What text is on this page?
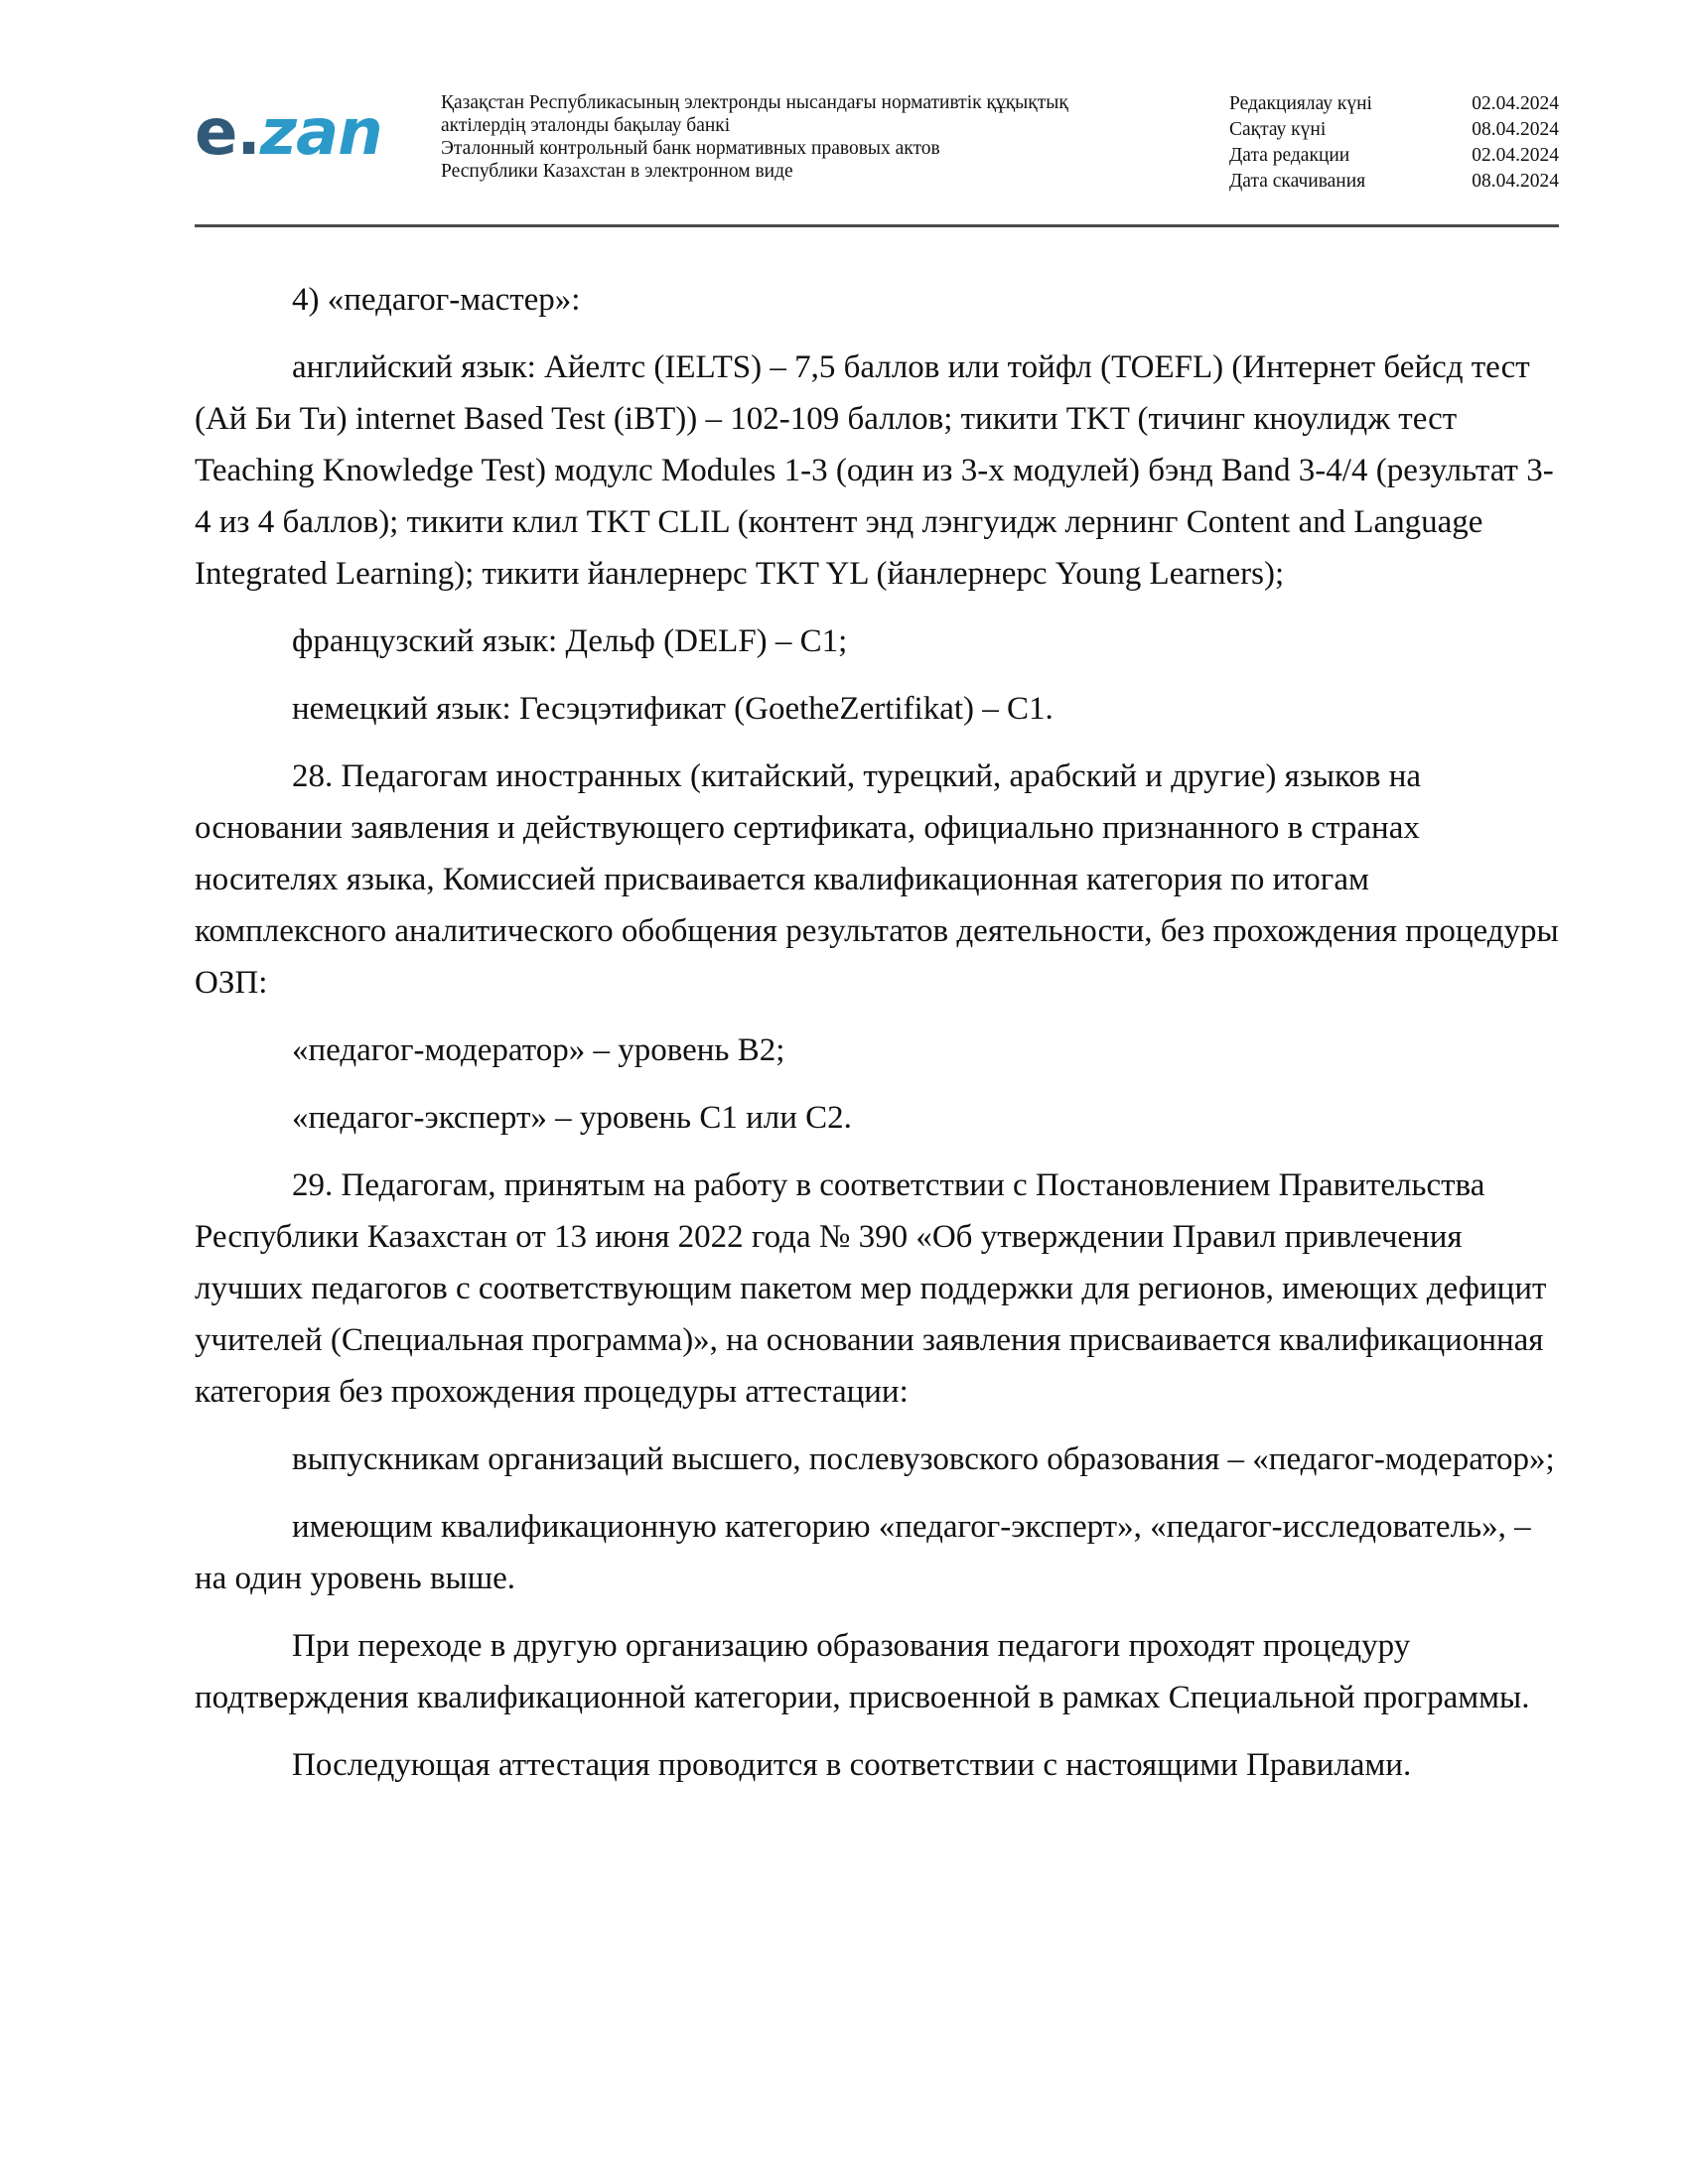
e.zan	Қазақстан Республикасының электронды нысандағы нормативтік құқықтық
актілердің эталонды бақылау банкі
Эталонный контрольный банк нормативных правовых актов
Республики Казахстан в электронном виде
Редакциялау күні	02.04.2024
Сақтау күні	08.04.2024
Дата редакции	02.04.2024
Дата скачивания	08.04.2024

4) «педагог-мастер»:

английский язык: Айелтс (IELTS) – 7,5 баллов или тойфл (TOEFL) (Интернет бейсд тест (Ай Би Ти) internet Based Test (iBT)) – 102-109 баллов; тикити TKT (тичинг кноулидж тест Teaching Knowledge Test) модулс Modules 1-3 (один из 3-х модулей) бэнд Band 3-4/4 (результат 3-4 из 4 баллов); тикити клил TKT CLIL (контент энд лэнгуидж лернинг Content and Language Integrated Learning); тикити йанлернерс TKT YL (йанлернерс Young Learners);

французский язык: Дельф (DELF) – C1;

немецкий язык: Гесэцэтификат (GoetheZertifikat) – C1.

28. Педагогам иностранных (китайский, турецкий, арабский и другие) языков на основании заявления и действующего сертификата, официально признанного в странах носителях языка, Комиссией присваивается квалификационная категория по итогам комплексного аналитического обобщения результатов деятельности, без прохождения процедуры ОЗП:

«педагог-модератор» – уровень В2;

«педагог-эксперт» – уровень С1 или С2.

29. Педагогам, принятым на работу в соответствии с Постановлением Правительства Республики Казахстан от 13 июня 2022 года № 390 «Об утверждении Правил привлечения лучших педагогов с соответствующим пакетом мер поддержки для регионов, имеющих дефицит учителей (Специальная программа)», на основании заявления присваивается квалификационная категория без прохождения процедуры аттестации:

выпускникам организаций высшего, послевузовского образования – «педагог-модератор»;

имеющим квалификационную категорию «педагог-эксперт», «педагог-исследователь», – на один уровень выше.

При переходе в другую организацию образования педагоги проходят процедуру подтверждения квалификационной категории, присвоенной в рамках Специальной программы.

Последующая аттестация проводится в соответствии с настоящими Правилами.
